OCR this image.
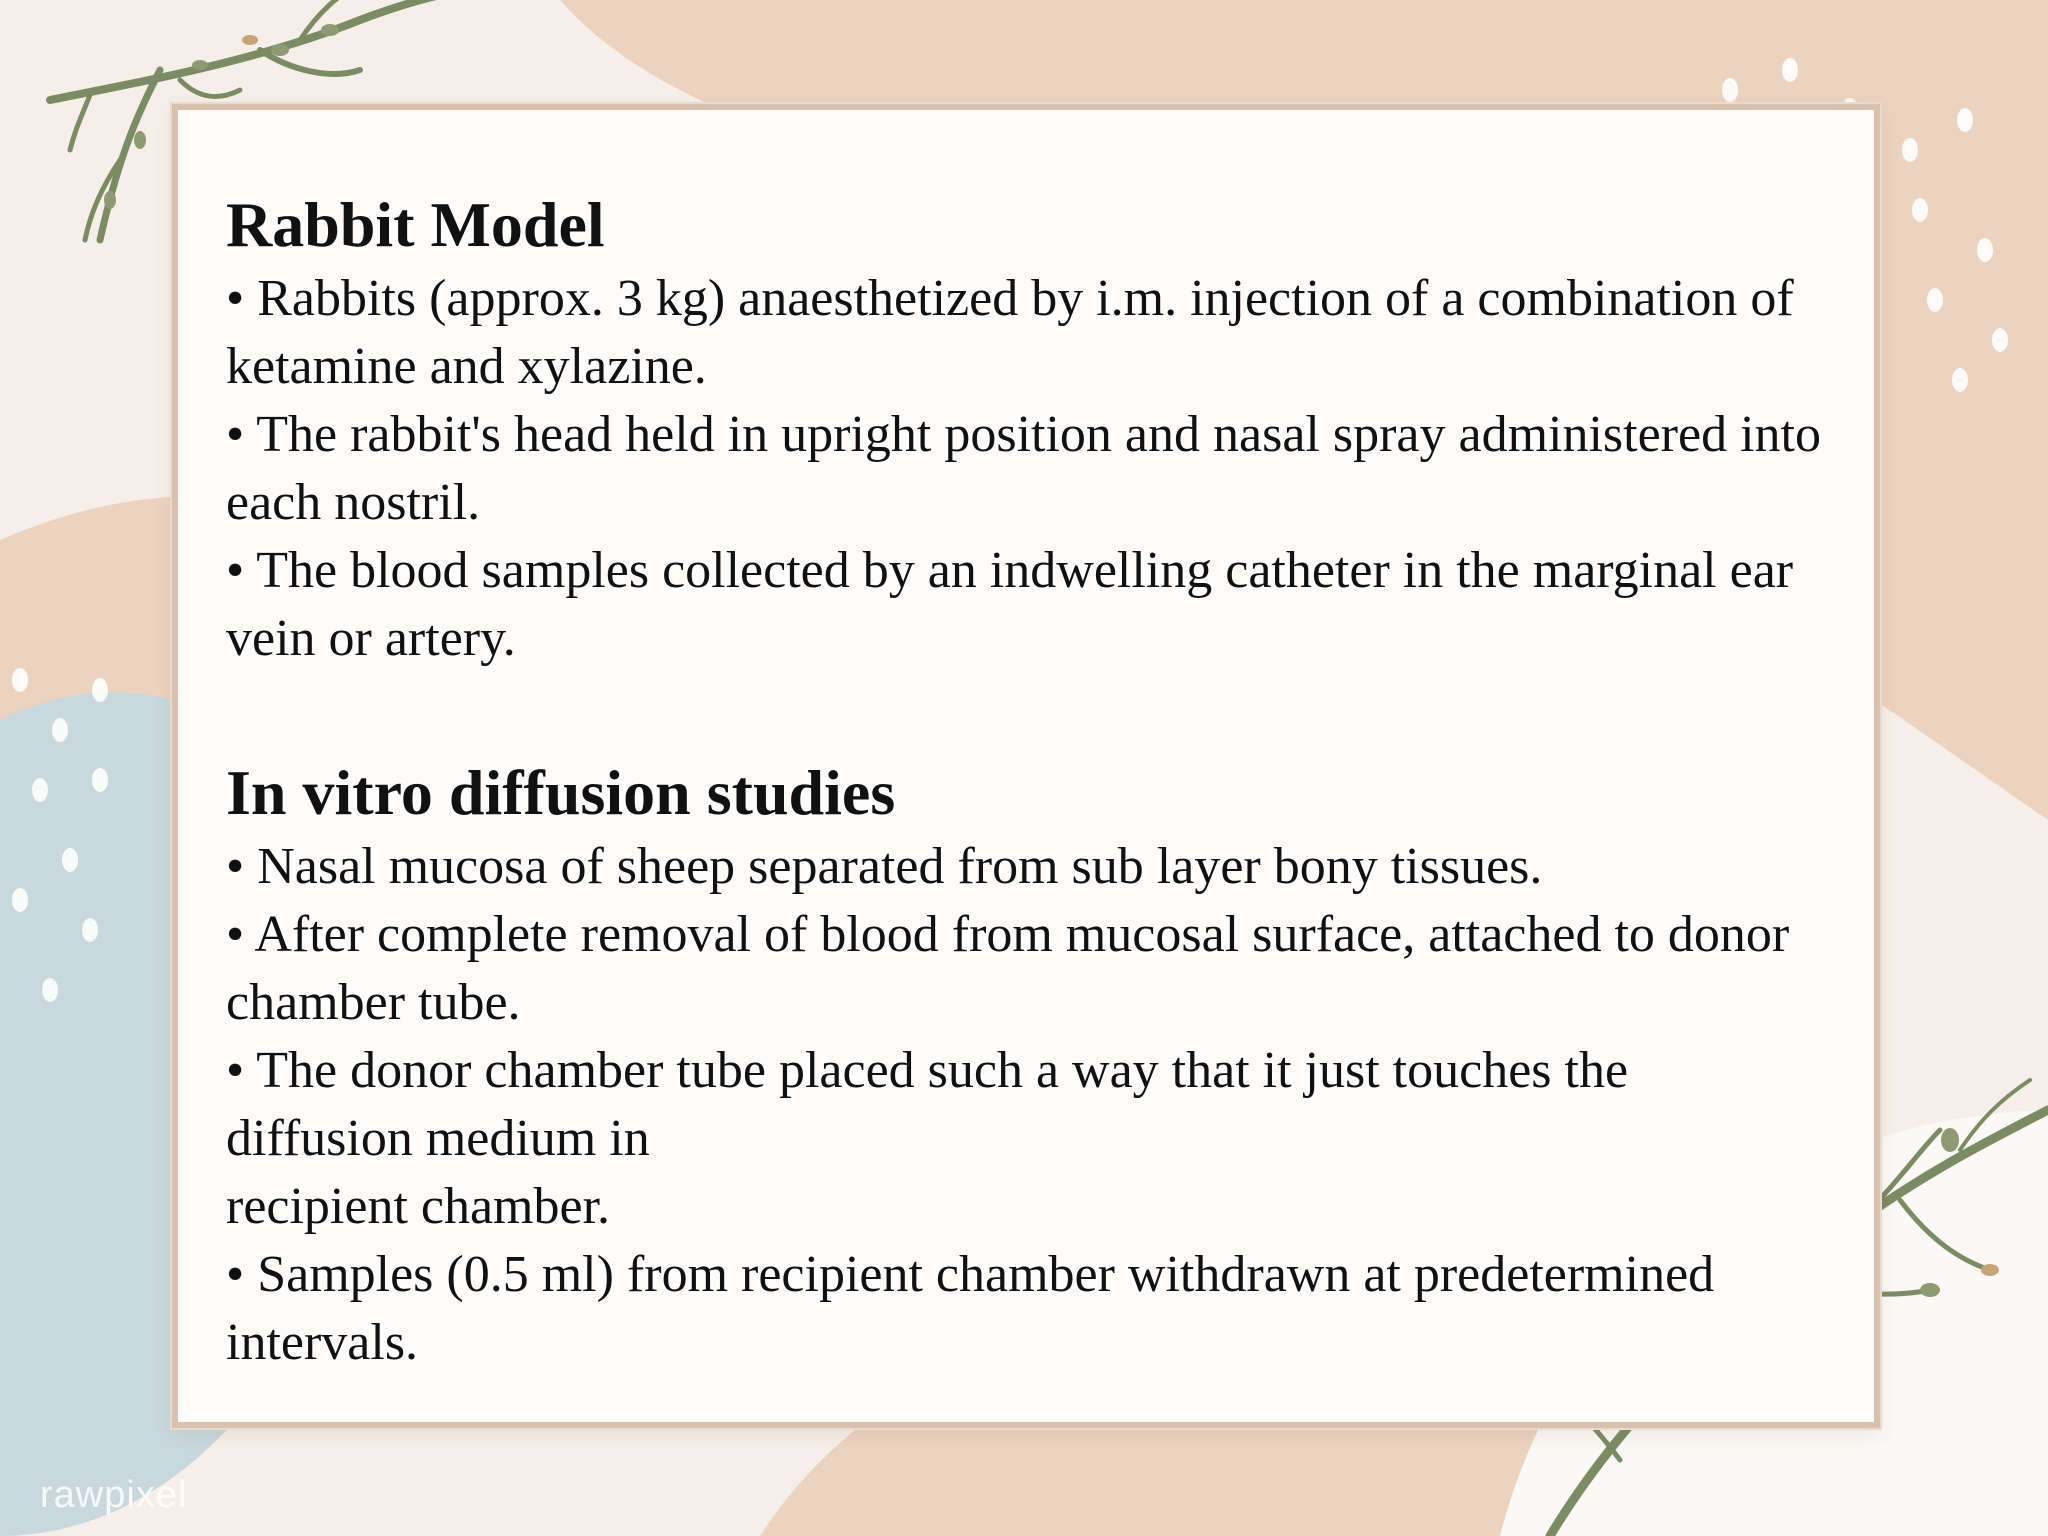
Rabbit Model
• Rabbits (approx. 3 kg) anaesthetized by i.m. injection of a combination of ketamine and xylazine.
• The rabbit's head held in upright position and nasal spray administered into each nostril.
• The blood samples collected by an indwelling catheter in the marginal ear vein or artery.
In vitro diffusion studies
• Nasal mucosa of sheep separated from sub layer bony tissues.
• After complete removal of blood from mucosal surface, attached to donor chamber tube.
• The donor chamber tube placed such a way that it just touches the diffusion medium in
recipient chamber.
• Samples (0.5 ml) from recipient chamber withdrawn at predetermined intervals.
rawpixel
